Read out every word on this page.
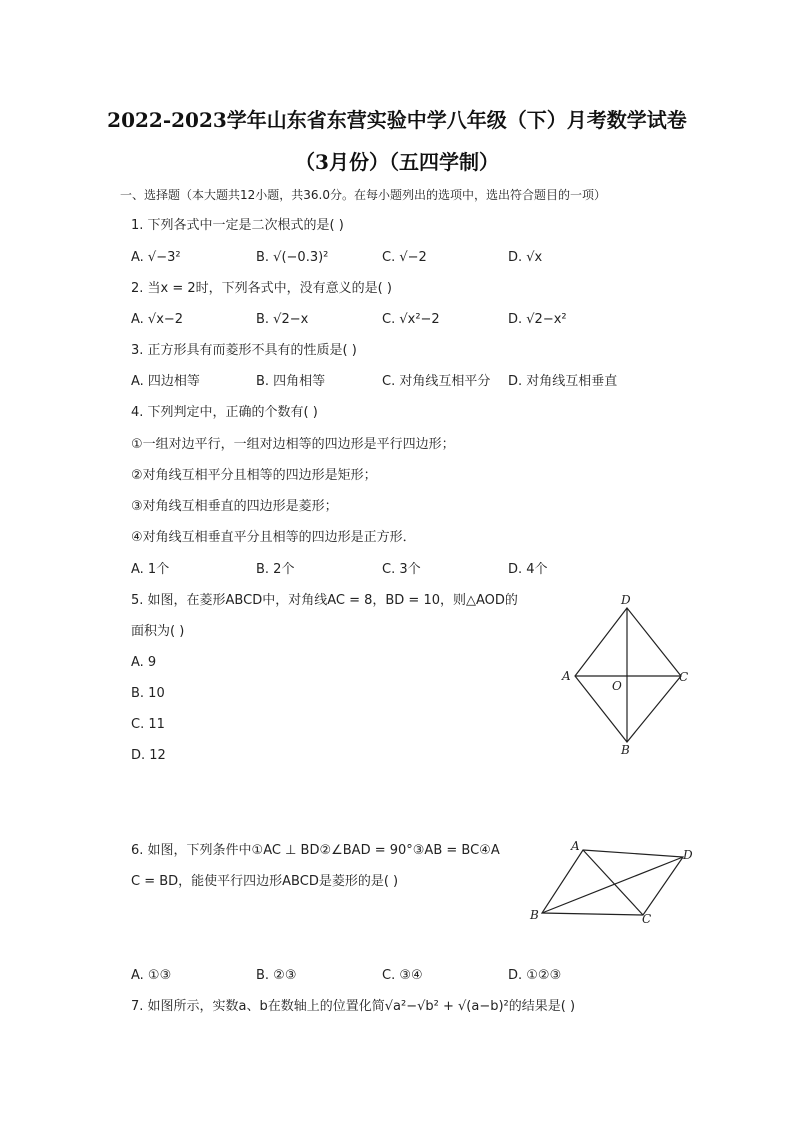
2022-2023学年山东省东营实验中学八年级（下）月考数学试卷
（3月份）（五四学制）
一、选择题（本大题共12小题，共36.0分。在每小题列出的选项中，选出符合题目的一项）
1. 下列各式中一定是二次根式的是( )
A. √−3²	B. √(−0.3)²	C. √−2	D. √x
2. 当x = 2时，下列各式中，没有意义的是( )
A. √x−2	B. √2−x	C. √x²−2	D. √2−x²
3. 正方形具有而菱形不具有的性质是( )
A. 四边相等	B. 四角相等	C. 对角线互相平分 D. 对角线互相垂直
4. 下列判定中，正确的个数有( )
①一组对边平行，一组对边相等的四边形是平行四边形；
②对角线互相平分且相等的四边形是矩形；
③对角线互相垂直的四边形是菱形；
④对角线互相垂直平分且相等的四边形是正方形．
A. 1个	B. 2个	C. 3个	D. 4个
5. 如图，在菱形ABCD中，对角线AC = 8，BD = 10，则△AOD的
面积为( )
A. 9
B. 10
C. 11
D. 12
D
A
O
C
B
6. 如图，下列条件中①AC ⊥ BD②∠BAD = 90°③AB = BC④A
C = BD，能使平行四边形ABCD是菱形的是( )
A
D
B	C
A. ①③	B. ②③	C. ③④	D. ①②③
7. 如图所示，实数a、b在数轴上的位置化简√a²−√b² + √(a−b)²的结果是( )
